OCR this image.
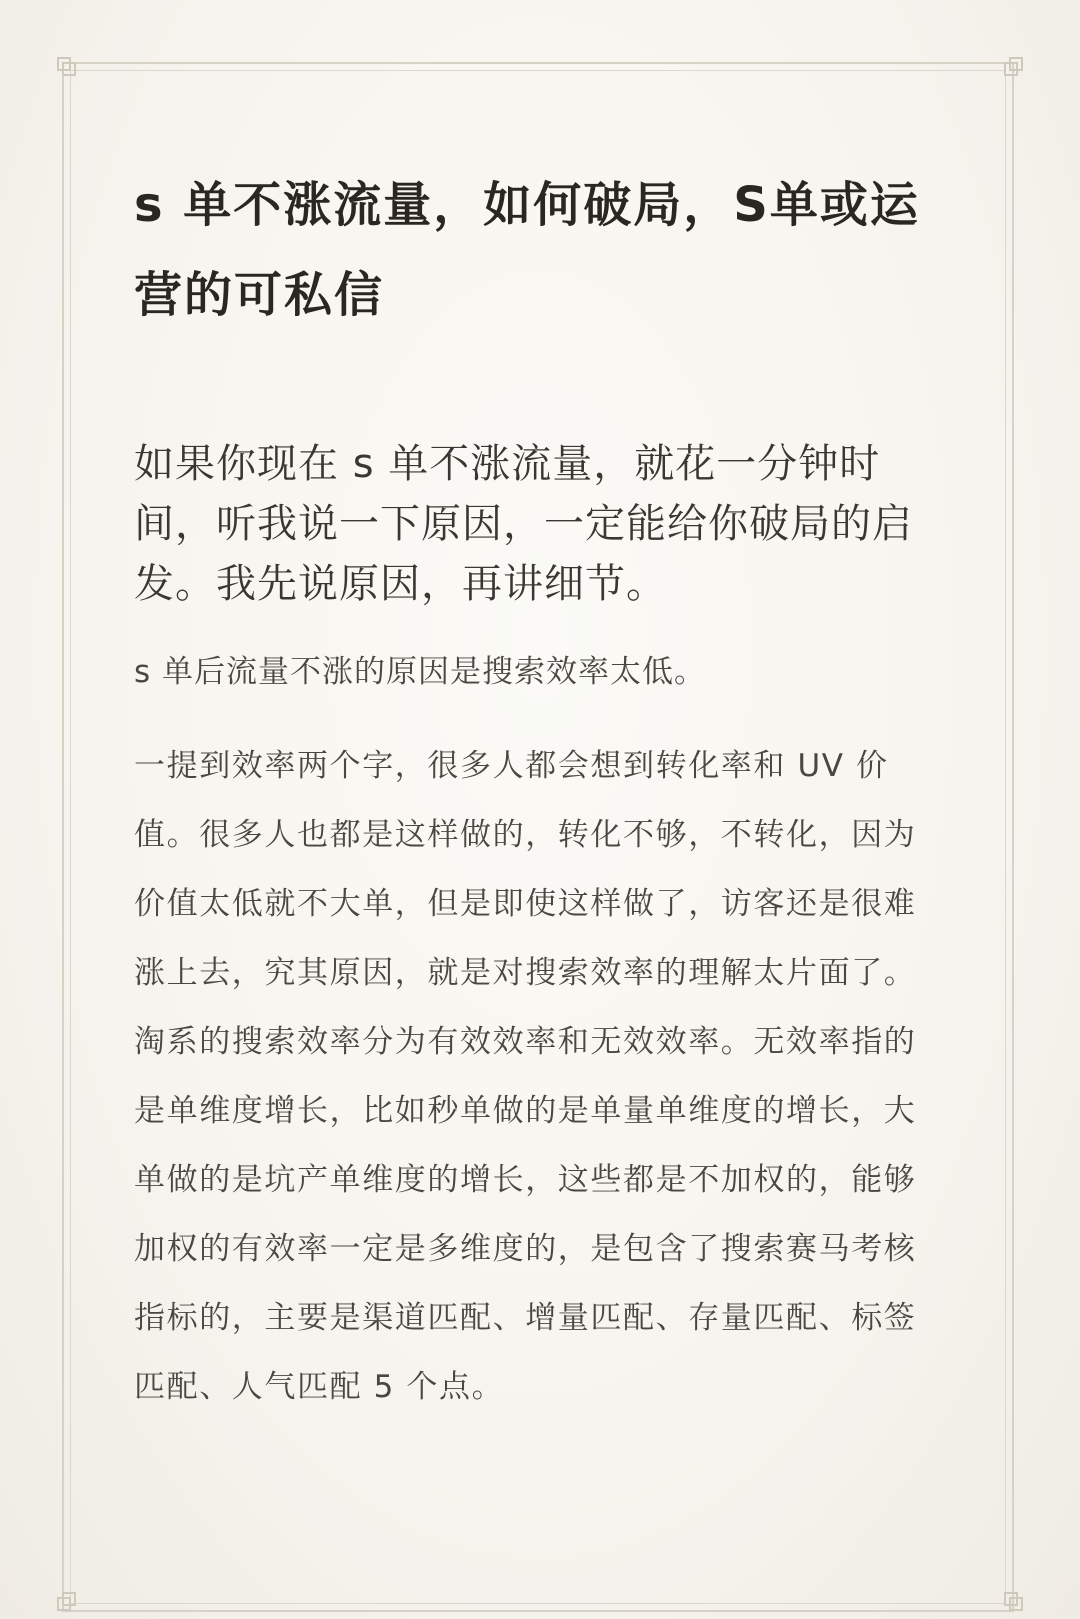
s 单不涨流量，如何破局，S单或运营的可私信

如果你现在 s 单不涨流量，就花一分钟时间，听我说一下原因，一定能给你破局的启发。我先说原因，再讲细节。

s 单后流量不涨的原因是搜索效率太低。

一提到效率两个字，很多人都会想到转化率和 UV 价值。很多人也都是这样做的，转化不够，不转化，因为价值太低就不大单，但是即使这样做了，访客还是很难涨上去，究其原因，就是对搜索效率的理解太片面了。淘系的搜索效率分为有效效率和无效效率。无效率指的是单维度增长，比如秒单做的是单量单维度的增长，大单做的是坑产单维度的增长，这些都是不加权的，能够加权的有效率一定是多维度的，是包含了搜索赛马考核指标的，主要是渠道匹配、增量匹配、存量匹配、标签匹配、人气匹配 5 个点。
